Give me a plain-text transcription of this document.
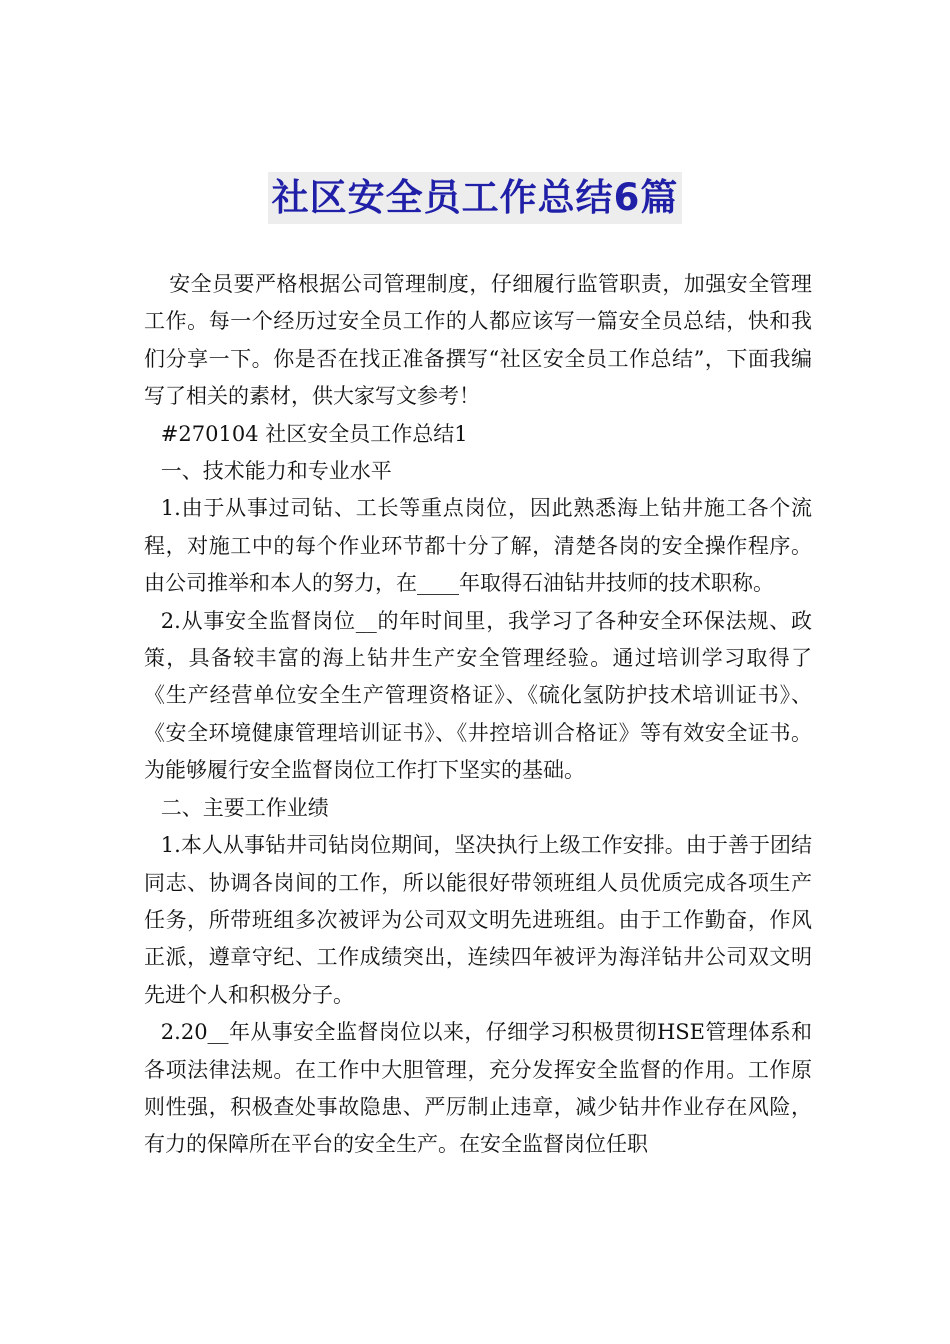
社区安全员工作总结6篇

安全员要严格根据公司管理制度，仔细履行监管职责，加强安全管理工作。每一个经历过安全员工作的人都应该写一篇安全员总结，快和我们分享一下。你是否在找正准备撰写“社区安全员工作总结”，下面我编写了相关的素材，供大家写文参考！

#270104 社区安全员工作总结1

一、技术能力和专业水平

1.由于从事过司钻、工长等重点岗位，因此熟悉海上钻井施工各个流程，对施工中的每个作业环节都十分了解，清楚各岗的安全操作程序。由公司推举和本人的努力，在____年取得石油钻井技师的技术职称。

2.从事安全监督岗位__的年时间里，我学习了各种安全环保法规、政策，具备较丰富的海上钻井生产安全管理经验。通过培训学习取得了《生产经营单位安全生产管理资格证》、《硫化氢防护技术培训证书》、《安全环境健康管理培训证书》、《井控培训合格证》等有效安全证书。为能够履行安全监督岗位工作打下坚实的基础。

二、主要工作业绩

1.本人从事钻井司钻岗位期间，坚决执行上级工作安排。由于善于团结同志、协调各岗间的工作，所以能很好带领班组人员优质完成各项生产任务，所带班组多次被评为公司双文明先进班组。由于工作勤奋，作风正派，遵章守纪、工作成绩突出，连续四年被评为海洋钻井公司双文明先进个人和积极分子。

2.20__年从事安全监督岗位以来，仔细学习积极贯彻HSE管理体系和各项法律法规。在工作中大胆管理，充分发挥安全监督的作用。工作原则性强，积极查处事故隐患、严厉制止违章，减少钻井作业存在风险，有力的保障所在平台的安全生产。在安全监督岗位任职
